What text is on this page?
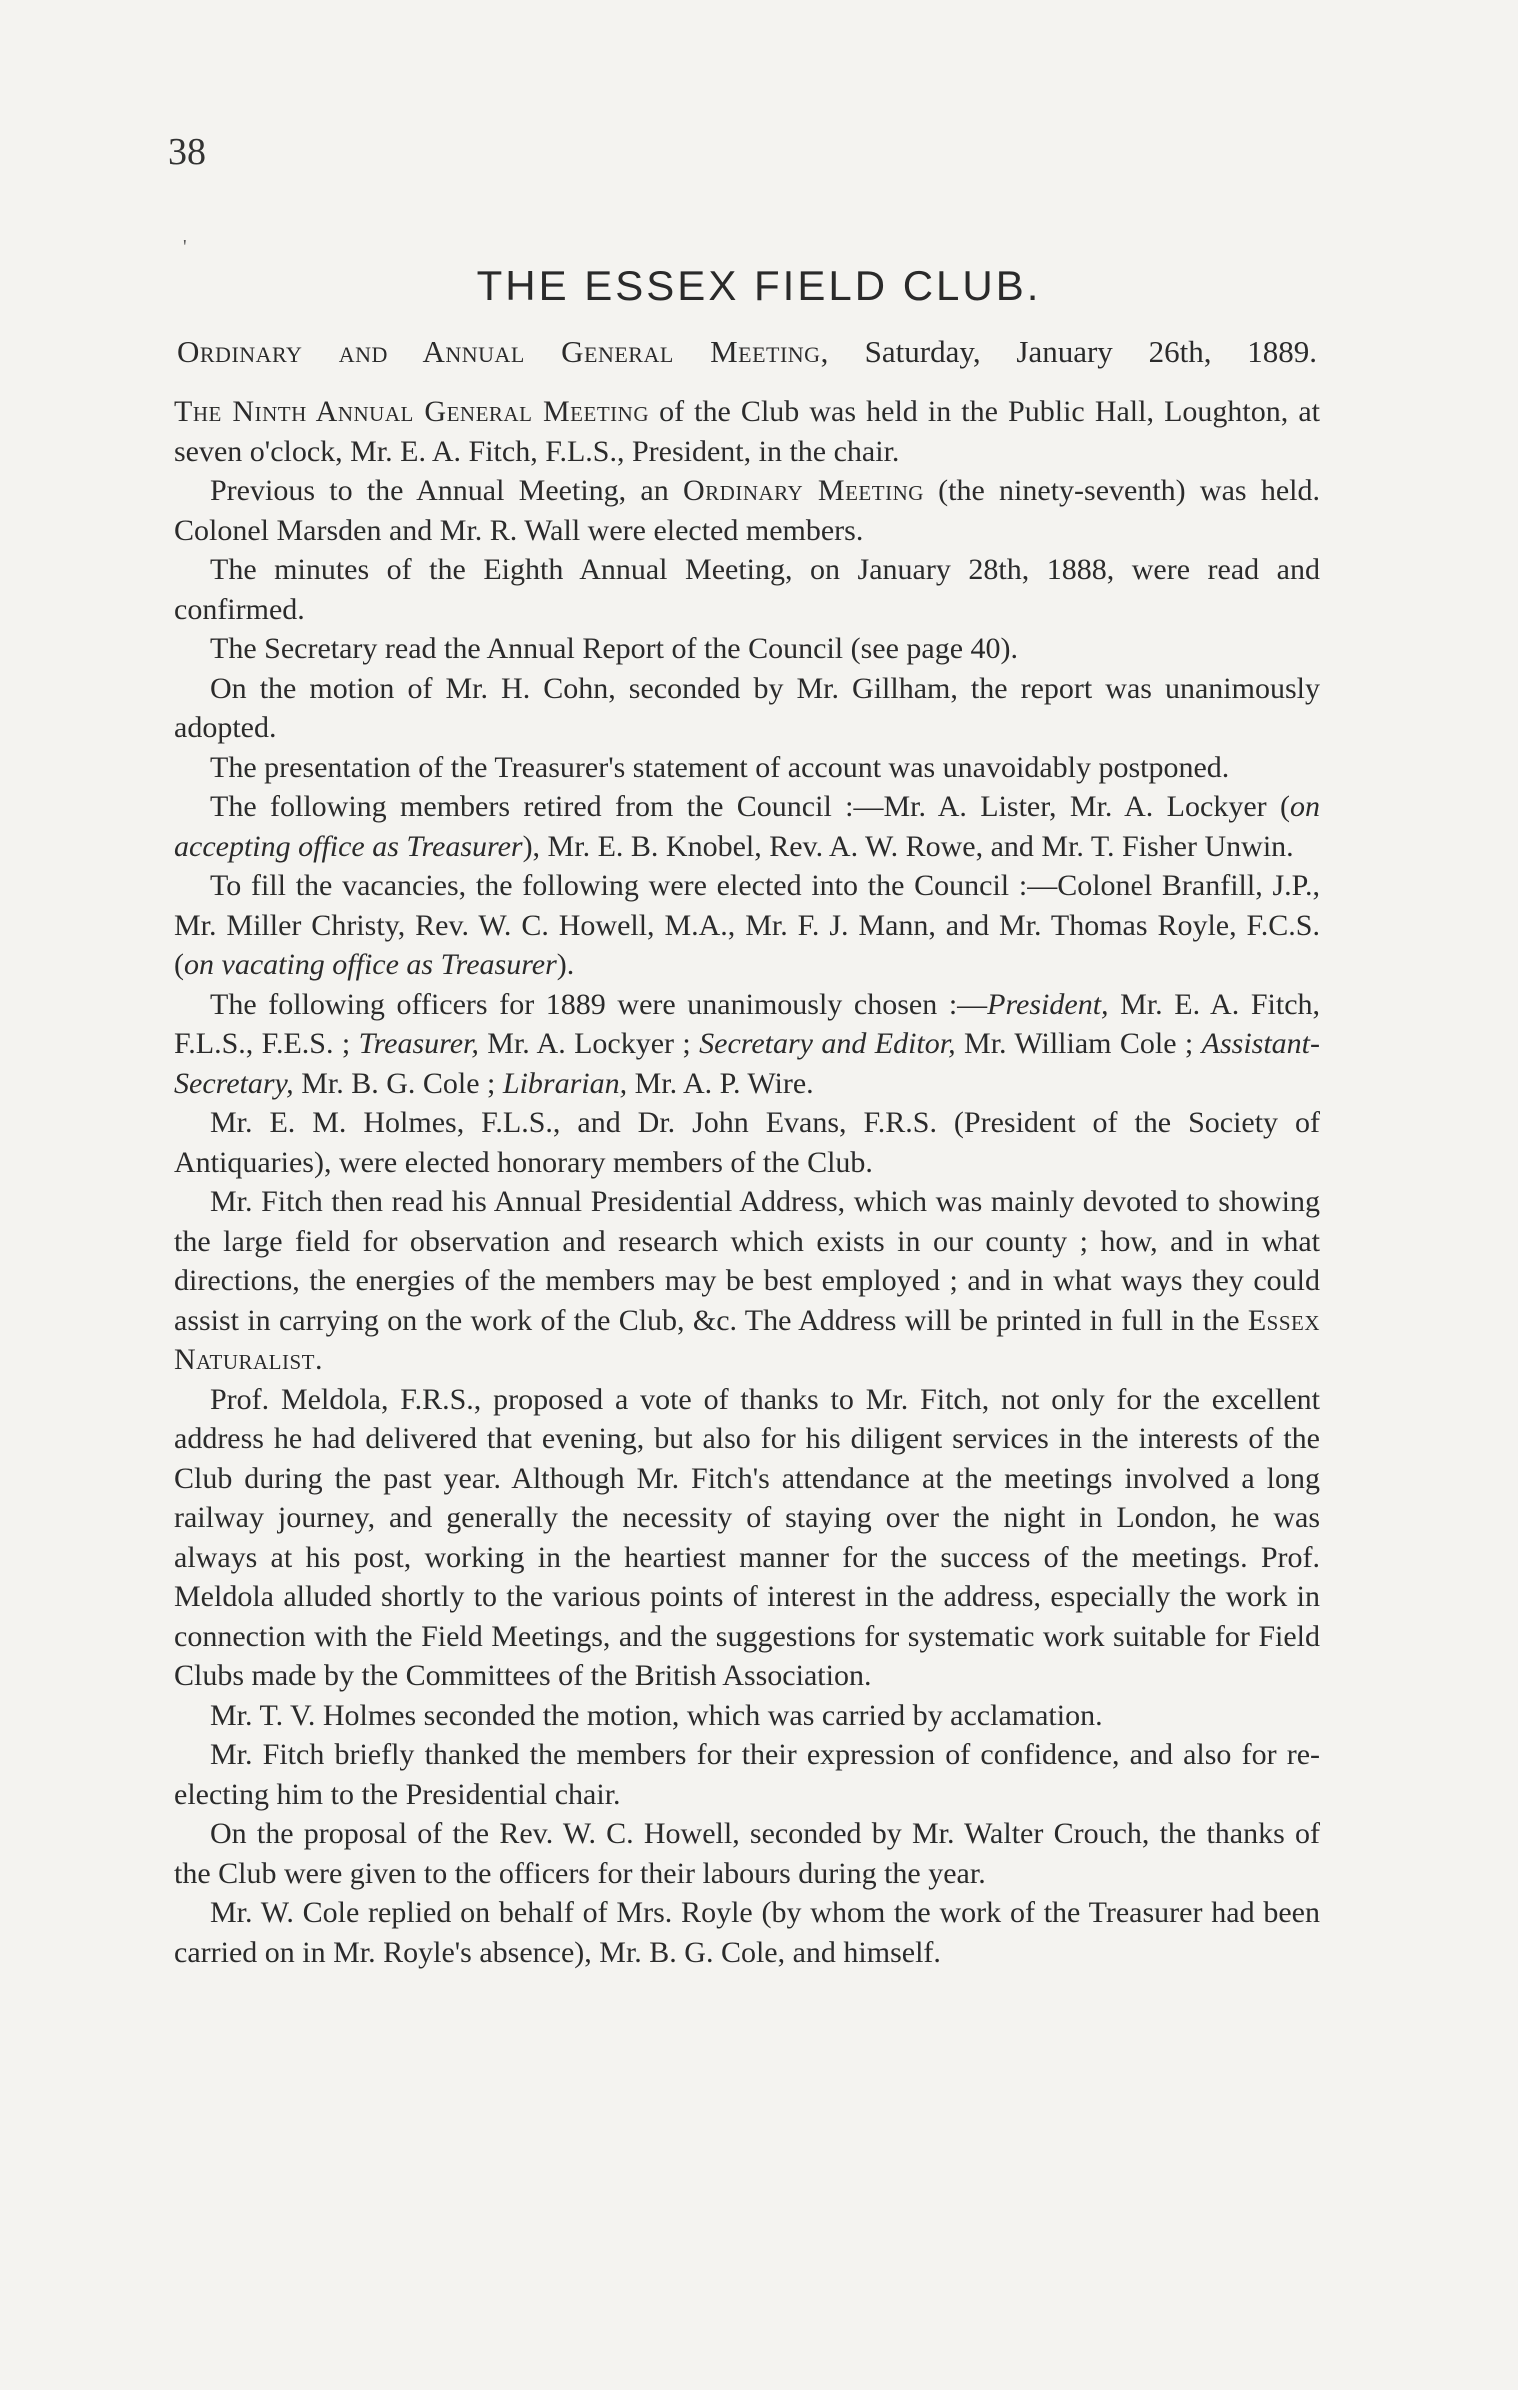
38
'
THE ESSEX FIELD CLUB.
Ordinary and Annual General Meeting, Saturday, January 26th, 1889.

The Ninth Annual General Meeting of the Club was held in the Public Hall, Loughton, at seven o'clock, Mr. E. A. Fitch, F.L.S., President, in the chair.

Previous to the Annual Meeting, an Ordinary Meeting (the ninety-seventh) was held. Colonel Marsden and Mr. R. Wall were elected members.

The minutes of the Eighth Annual Meeting, on January 28th, 1888, were read and confirmed.

The Secretary read the Annual Report of the Council (see page 40).

On the motion of Mr. H. Cohn, seconded by Mr. Gillham, the report was unanimously adopted.

The presentation of the Treasurer's statement of account was unavoidably postponed.

The following members retired from the Council :—Mr. A. Lister, Mr. A. Lockyer (on accepting office as Treasurer), Mr. E. B. Knobel, Rev. A. W. Rowe, and Mr. T. Fisher Unwin.

To fill the vacancies, the following were elected into the Council :—Colonel Branfill, J.P., Mr. Miller Christy, Rev. W. C. Howell, M.A., Mr. F. J. Mann, and Mr. Thomas Royle, F.C.S. (on vacating office as Treasurer).

The following officers for 1889 were unanimously chosen :—President, Mr. E. A. Fitch, F.L.S., F.E.S. ; Treasurer, Mr. A. Lockyer ; Secretary and Editor, Mr. William Cole ; Assistant-Secretary, Mr. B. G. Cole ; Librarian, Mr. A. P. Wire.

Mr. E. M. Holmes, F.L.S., and Dr. John Evans, F.R.S. (President of the Society of Antiquaries), were elected honorary members of the Club.

Mr. Fitch then read his Annual Presidential Address, which was mainly devoted to showing the large field for observation and research which exists in our county ; how, and in what directions, the energies of the members may be best employed ; and in what ways they could assist in carrying on the work of the Club, &c. The Address will be printed in full in the Essex Naturalist.

Prof. Meldola, F.R.S., proposed a vote of thanks to Mr. Fitch, not only for the excellent address he had delivered that evening, but also for his diligent services in the interests of the Club during the past year. Although Mr. Fitch's attendance at the meetings involved a long railway journey, and generally the necessity of staying over the night in London, he was always at his post, working in the heartiest manner for the success of the meetings. Prof. Meldola alluded shortly to the various points of interest in the address, especially the work in connection with the Field Meetings, and the suggestions for systematic work suitable for Field Clubs made by the Committees of the British Association.

Mr. T. V. Holmes seconded the motion, which was carried by acclamation.

Mr. Fitch briefly thanked the members for their expression of confidence, and also for re-electing him to the Presidential chair.

On the proposal of the Rev. W. C. Howell, seconded by Mr. Walter Crouch, the thanks of the Club were given to the officers for their labours during the year.

Mr. W. Cole replied on behalf of Mrs. Royle (by whom the work of the Treasurer had been carried on in Mr. Royle's absence), Mr. B. G. Cole, and himself.
